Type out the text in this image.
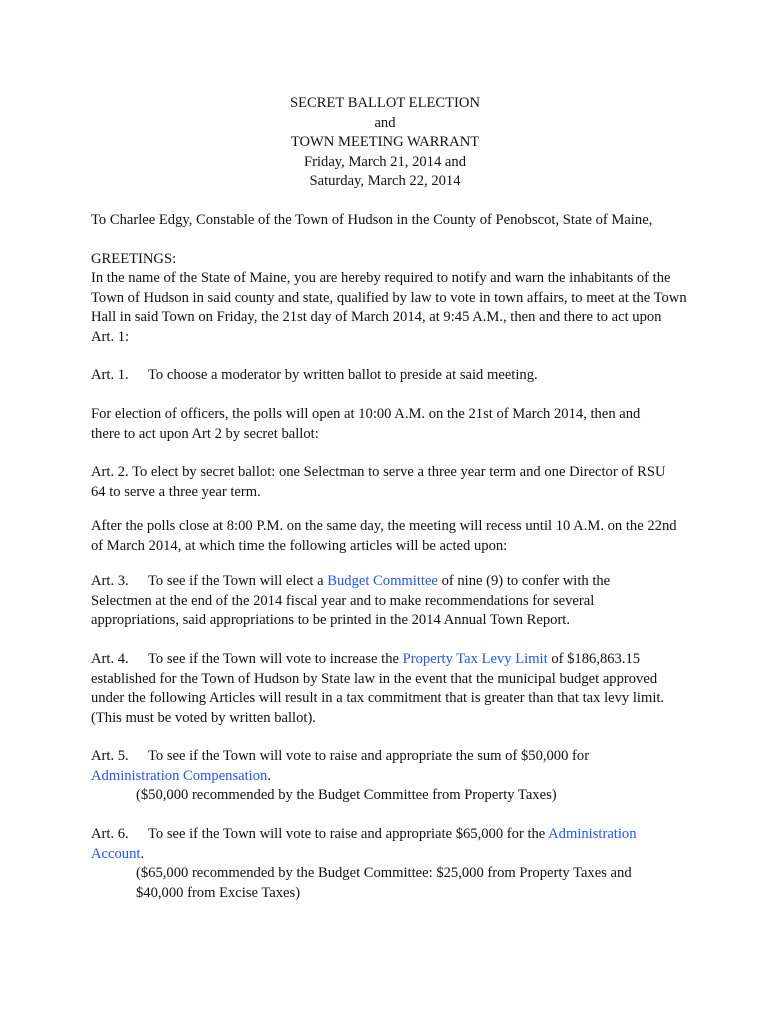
SECRET BALLOT ELECTION
and
TOWN MEETING WARRANT
Friday, March 21, 2014 and
Saturday, March 22, 2014
To Charlee Edgy, Constable of the Town of Hudson in the County of Penobscot, State of Maine,
GREETINGS:
In the name of the State of Maine, you are hereby required to notify and warn the inhabitants of the Town of Hudson in said county and state, qualified by law to vote in town affairs, to meet at the Town Hall in said Town on Friday, the 21st day of March 2014, at 9:45 A.M., then and there to act upon Art. 1:
Art. 1. To choose a moderator by written ballot to preside at said meeting.
For election of officers, the polls will open at 10:00 A.M. on the 21st of March 2014, then and there to act upon Art 2 by secret ballot:
Art. 2. To elect by secret ballot: one Selectman to serve a three year term and one Director of RSU 64 to serve a three year term.
After the polls close at 8:00 P.M. on the same day, the meeting will recess until 10 A.M. on the 22nd of March 2014, at which time the following articles will be acted upon:
Art. 3. To see if the Town will elect a Budget Committee of nine (9) to confer with the Selectmen at the end of the 2014 fiscal year and to make recommendations for several appropriations, said appropriations to be printed in the 2014 Annual Town Report.
Art. 4. To see if the Town will vote to increase the Property Tax Levy Limit of $186,863.15 established for the Town of Hudson by State law in the event that the municipal budget approved under the following Articles will result in a tax commitment that is greater than that tax levy limit. (This must be voted by written ballot).
Art. 5. To see if the Town will vote to raise and appropriate the sum of $50,000 for Administration Compensation.
($50,000 recommended by the Budget Committee from Property Taxes)
Art. 6. To see if the Town will vote to raise and appropriate $65,000 for the Administration Account.
($65,000 recommended by the Budget Committee: $25,000 from Property Taxes and $40,000 from Excise Taxes)
